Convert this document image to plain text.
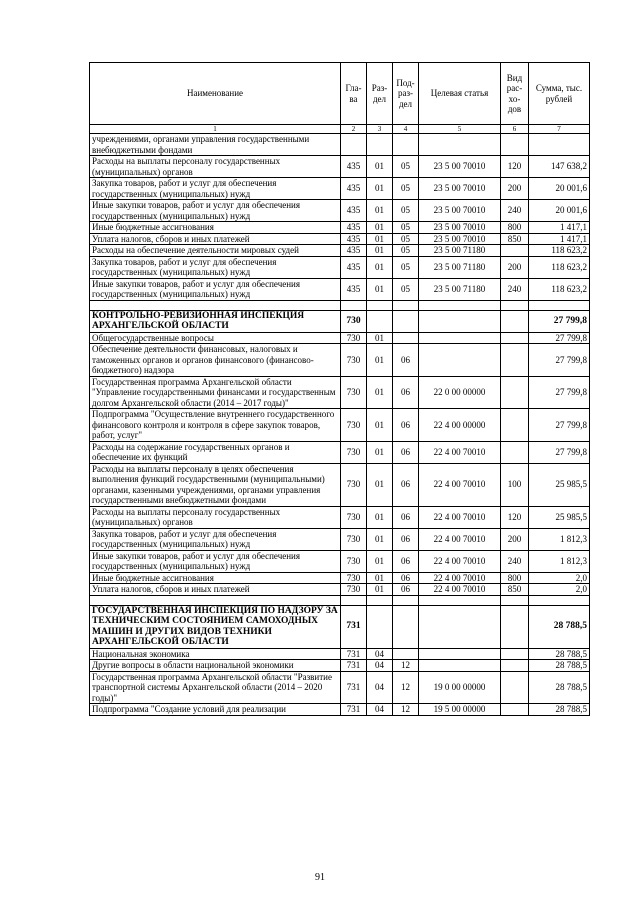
Наименование	Гла-ва	Раз-дел	Под-раз-дел	Целевая статья	Вид рас-хо-дов	Сумма, тыс. рублей
1	2	3	4	5	6	7
учреждениями, органами управления государственными внебюджетными фондами						
Расходы на выплаты персоналу государственных (муниципальных) органов	435	01	05	23 5 00 70010	120	147 638,2
Закупка товаров, работ и услуг для обеспечения государственных (муниципальных) нужд	435	01	05	23 5 00 70010	200	20 001,6
Иные закупки товаров, работ и услуг для обеспечения государственных (муниципальных) нужд	435	01	05	23 5 00 70010	240	20 001,6
Иные бюджетные ассигнования	435	01	05	23 5 00 70010	800	1 417,1
Уплата налогов, сборов и иных платежей	435	01	05	23 5 00 70010	850	1 417,1
Расходы на обеспечение деятельности мировых судей	435	01	05	23 5 00 71180		118 623,2
Закупка товаров, работ и услуг для обеспечения государственных (муниципальных) нужд	435	01	05	23 5 00 71180	200	118 623,2
Иные закупки товаров, работ и услуг для обеспечения государственных (муниципальных) нужд	435	01	05	23 5 00 71180	240	118 623,2

КОНТРОЛЬНО-РЕВИЗИОННАЯ ИНСПЕКЦИЯ АРХАНГЕЛЬСКОЙ ОБЛАСТИ	730					27 799,8
Общегосударственные вопросы	730	01				27 799,8
Обеспечение деятельности финансовых, налоговых и таможенных органов и органов финансового (финансово-бюджетного) надзора	730	01	06			27 799,8
Государственная программа Архангельской области "Управление государственными финансами и государственным долгом Архангельской области (2014 – 2017 годы)"	730	01	06	22 0 00 00000		27 799,8
Подпрограмма "Осуществление внутреннего государственного финансового контроля и контроля в сфере закупок товаров, работ, услуг"	730	01	06	22 4 00 00000		27 799,8
Расходы на содержание государственных органов и обеспечение их функций	730	01	06	22 4 00 70010		27 799,8
Расходы на выплаты персоналу в целях обеспечения выполнения функций государственными (муниципальными) органами, казенными учреждениями, органами управления государственными внебюджетными фондами	730	01	06	22 4 00 70010	100	25 985,5
Расходы на выплаты персоналу государственных (муниципальных) органов	730	01	06	22 4 00 70010	120	25 985,5
Закупка товаров, работ и услуг для обеспечения государственных (муниципальных) нужд	730	01	06	22 4 00 70010	200	1 812,3
Иные закупки товаров, работ и услуг для обеспечения государственных (муниципальных) нужд	730	01	06	22 4 00 70010	240	1 812,3
Иные бюджетные ассигнования	730	01	06	22 4 00 70010	800	2,0
Уплата налогов, сборов и иных платежей	730	01	06	22 4 00 70010	850	2,0

ГОСУДАРСТВЕННАЯ ИНСПЕКЦИЯ ПО НАДЗОРУ ЗА ТЕХНИЧЕСКИМ СОСТОЯНИЕМ САМОХОДНЫХ МАШИН И ДРУГИХ ВИДОВ ТЕХНИКИ АРХАНГЕЛЬСКОЙ ОБЛАСТИ	731					28 788,5
Национальная экономика	731	04				28 788,5
Другие вопросы в области национальной экономики	731	04	12			28 788,5
Государственная программа Архангельской области "Развитие транспортной системы Архангельской области (2014 – 2020 годы)"	731	04	12	19 0 00 00000		28 788,5
Подпрограмма "Создание условий для реализации	731	04	12	19 5 00 00000		28 788,5
91
